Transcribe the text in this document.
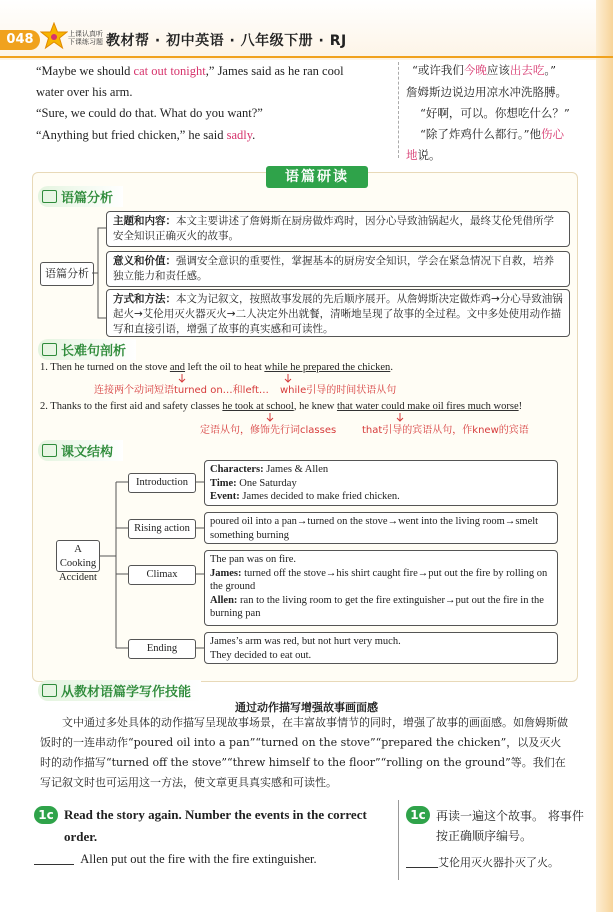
048	上课认真听
下课练习题 教材帮 · 初中英语 · 八年级下册 · RJ
“Maybe we should cat out tonight,” James said as he ran cool
water over his arm.
“Sure, we could do that. What do you want?”
“Anything but fried chicken,” he said sadly.
“或许我们今晚应该出去吃。”
詹姆斯边说边用凉水冲洗胳膊。
“好啊，可以。你想吃什么？”
“除了炸鸡什么都行。”他伤心
地说。
语篇研读
语篇分析
语篇分析
主题和内容：本文主要讲述了詹姆斯在厨房做炸鸡时，因分心导致油锅起火，最终艾伦凭借所学安全知识正确灭火的故事。
意义和价值：强调安全意识的重要性，掌握基本的厨房安全知识，学会在紧急情况下自救，培养独立能力和责任感。
方式和方法：本文为记叙文，按照故事发展的先后顺序展开。从詹姆斯决定做炸鸡→分心导致油锅起火→艾伦用灭火器灭火→二人决定外出就餐，清晰地呈现了故事的全过程。文中多处使用动作描写和直接引语，增强了故事的真实感和可读性。
长难句剖析
1. Then he turned on the stove and left the oil to heat while he prepared the chicken.
连接两个动词短语turned on…和left… while引导的时间状语从句
2. Thanks to the first aid and safety classes he took at school, he knew that water could make oil fires much worse!
定语从句，修饰先行词classes	that引导的宾语从句，作knew的宾语
课文结构
A Cooking Accident
Introduction
Rising action
Climax
Ending
Characters: James & Allen
Time: One Saturday
Event: James decided to make fried chicken.
poured oil into a pan→turned on the stove→went into the living room→smelt something burning
The pan was on fire.
James: turned off the stove→his shirt caught fire→put out the fire by rolling on the ground
Allen: ran to the living room to get the fire extinguisher→put out the fire in the burning pan
James’s arm was red, but not hurt very much.
They decided to eat out.
从教材语篇学写作技能
通过动作描写增强故事画面感
文中通过多处具体的动作描写呈现故事场景，在丰富故事情节的同时，增强了故事的画面感。如詹姆斯做饭时的一连串动作“poured oil into a pan”“turned on the stove”“prepared the chicken”，以及灭火时的动作描写“turned off the stove”“threw himself to the floor”“rolling on the ground”等。我们在写记叙文时也可运用这一方法，使文章更具真实感和可读性。
1c Read the story again. Number the events in the correct order.
Allen put out the fire with the fire extinguisher.
1c 再读一遍这个故事。 将事件按正确顺序编号。
艾伦用灭火器扑灭了火。
